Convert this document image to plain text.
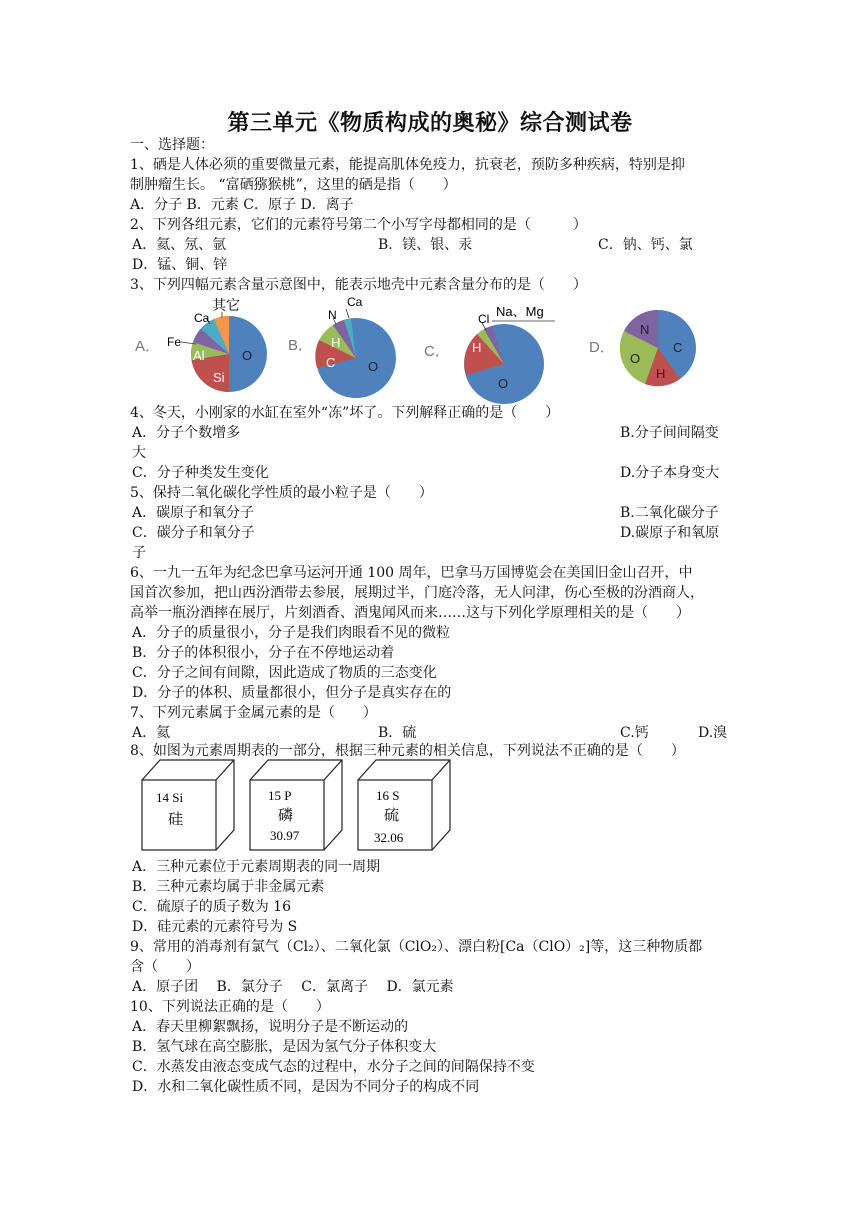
第三单元《物质构成的奥秘》综合测试卷
一、选择题：
1、硒是人体必须的重要微量元素，能提高肌体免疫力，抗衰老，预防多种疾病，特别是抑
制肿瘤生长。 “富硒猕猴桃”，这里的硒是指（　　）
A．分子 B．元素 C．原子 D．离子
2、下列各组元素，它们的元素符号第二个小写字母都相同的是（　　　）
A．氦、氖、氩	B．镁、银、汞	C．钠、钙、氯
D．锰、铜、锌
3、下列四幅元素含量示意图中，能表示地壳中元素含量分布的是（　　）
A． Fe
Ca
其它
Al
Si
O
B．
N
Ca
H
C	O
C．
Cl Na、Mg
H
O
D．
N
C
O
H
4、冬天，小刚家的水缸在室外“冻”坏了。下列解释正确的是（　　）
A．分子个数增多	B.分子间间隔变
大
C．分子种类发生变化	D.分子本身变大
5、保持二氧化碳化学性质的最小粒子是（　　）
A．碳原子和氧分子	B.二氧化碳分子
C．碳分子和氧分子	D.碳原子和氧原
子
6、一九一五年为纪念巴拿马运河开通 100 周年，巴拿马万国博览会在美国旧金山召开，中
国首次参加，把山西汾酒带去参展，展期过半，门庭冷落，无人问津，伤心至极的汾酒商人，
高举一瓶汾酒摔在展厅，片刻酒香、酒鬼闻风而来……这与下列化学原理相关的是（　　）
A．分子的质量很小，分子是我们肉眼看不见的微粒
B．分子的体积很小，分子在不停地运动着
C．分子之间有间隙，因此造成了物质的三态变化
D．分子的体积、质量都很小，但分子是真实存在的
7、下列元素属于金属元素的是（　　）
A．氦	B．硫	C.钙	D.溴
8、如图为元素周期表的一部分，根据三种元素的相关信息，下列说法不正确的是（　　）
14 Si
硅
15 P
磷
30.97
16 S
硫
32.06
A．三种元素位于元素周期表的同一周期
B．三种元素均属于非金属元素
C．硫原子的质子数为 16
D．硅元素的元素符号为 S
9、常用的消毒剂有氯气（Cl₂）、二氧化氯（ClO₂）、漂白粉[Ca（ClO）₂]等，这三种物质都
含（　　）
A．原子团　 B．氯分子　 C．氯离子　 D．氯元素
10、下列说法正确的是（　　）
A．春天里柳絮飘扬，说明分子是不断运动的
B．氢气球在高空膨胀，是因为氢气分子体积变大
C．水蒸发由液态变成气态的过程中，水分子之间的间隔保持不变
D．水和二氧化碳性质不同，是因为不同分子的构成不同
